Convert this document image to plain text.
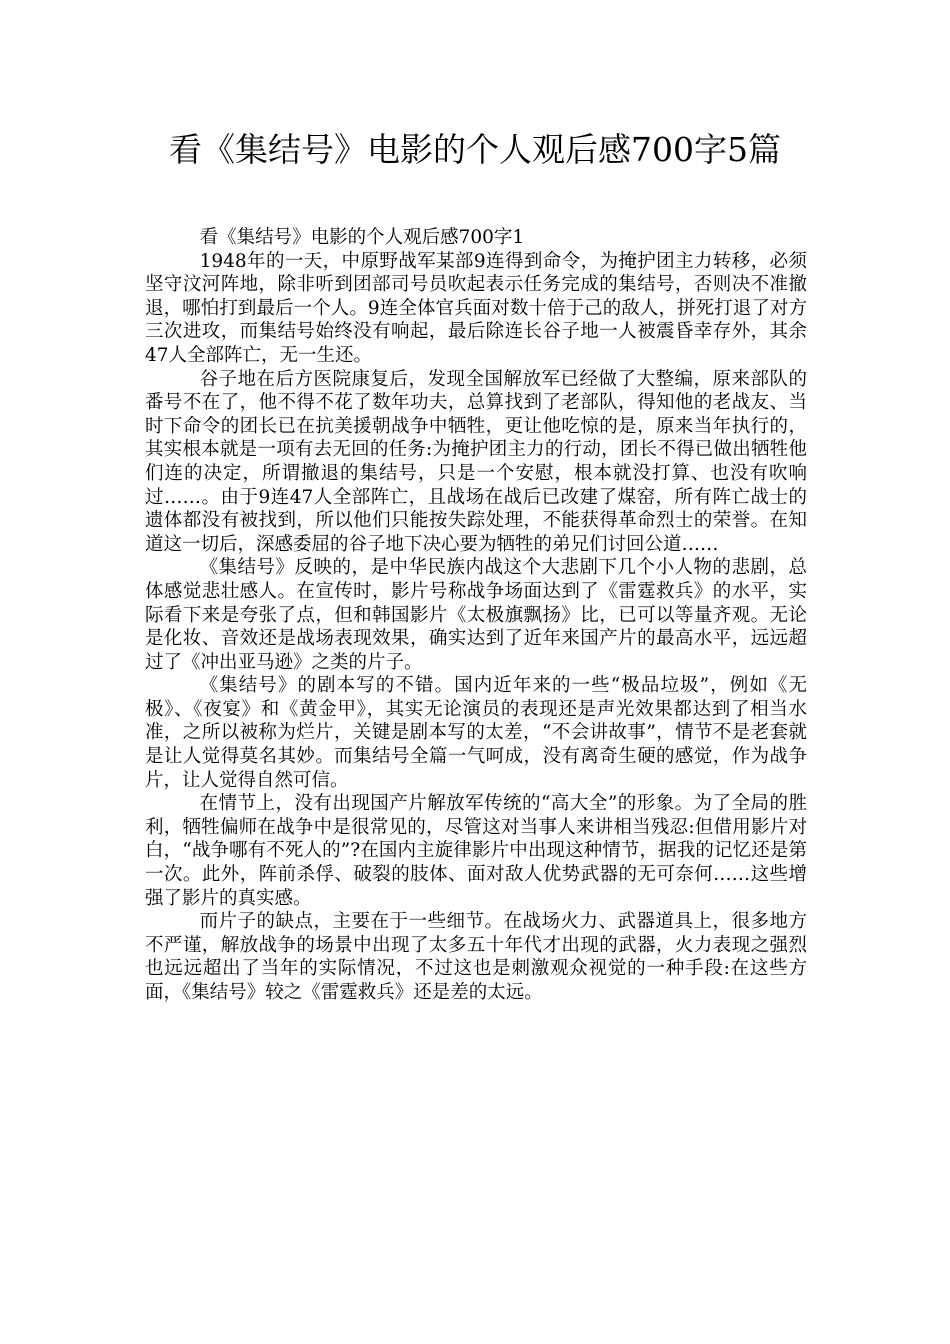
看《集结号》电影的个人观后感700字5篇

看《集结号》电影的个人观后感700字1

1948年的一天，中原野战军某部9连得到命令，为掩护团主力转移，必须坚守汶河阵地，除非听到团部司号员吹起表示任务完成的集结号，否则决不准撤退，哪怕打到最后一个人。9连全体官兵面对数十倍于己的敌人，拼死打退了对方三次进攻，而集结号始终没有响起，最后除连长谷子地一人被震昏幸存外，其余47人全部阵亡，无一生还。

谷子地在后方医院康复后，发现全国解放军已经做了大整编，原来部队的番号不在了，他不得不花了数年功夫，总算找到了老部队，得知他的老战友、当时下命令的团长已在抗美援朝战争中牺牲，更让他吃惊的是，原来当年执行的，其实根本就是一项有去无回的任务:为掩护团主力的行动，团长不得已做出牺牲他们连的决定，所谓撤退的集结号，只是一个安慰，根本就没打算、也没有吹响过……。由于9连47人全部阵亡，且战场在战后已改建了煤窑，所有阵亡战士的遗体都没有被找到，所以他们只能按失踪处理，不能获得革命烈士的荣誉。在知道这一切后，深感委屈的谷子地下决心要为牺牲的弟兄们讨回公道……

《集结号》反映的，是中华民族内战这个大悲剧下几个小人物的悲剧，总体感觉悲壮感人。在宣传时，影片号称战争场面达到了《雷霆救兵》的水平，实际看下来是夸张了点，但和韩国影片《太极旗飘扬》比，已可以等量齐观。无论是化妆、音效还是战场表现效果，确实达到了近年来国产片的最高水平，远远超过了《冲出亚马逊》之类的片子。

《集结号》的剧本写的不错。国内近年来的一些“极品垃圾”，例如《无极》、《夜宴》和《黄金甲》，其实无论演员的表现还是声光效果都达到了相当水准，之所以被称为烂片，关键是剧本写的太差，“不会讲故事”，情节不是老套就是让人觉得莫名其妙。而集结号全篇一气呵成，没有离奇生硬的感觉，作为战争片，让人觉得自然可信。

在情节上，没有出现国产片解放军传统的“高大全”的形象。为了全局的胜利，牺牲偏师在战争中是很常见的，尽管这对当事人来讲相当残忍:但借用影片对白，“战争哪有不死人的”?在国内主旋律影片中出现这种情节，据我的记忆还是第一次。此外，阵前杀俘、破裂的肢体、面对敌人优势武器的无可奈何……这些增强了影片的真实感。

而片子的缺点，主要在于一些细节。在战场火力、武器道具上，很多地方不严谨，解放战争的场景中出现了太多五十年代才出现的武器，火力表现之强烈也远远超出了当年的实际情况，不过这也是刺激观众视觉的一种手段:在这些方面，《集结号》较之《雷霆救兵》还是差的太远。
